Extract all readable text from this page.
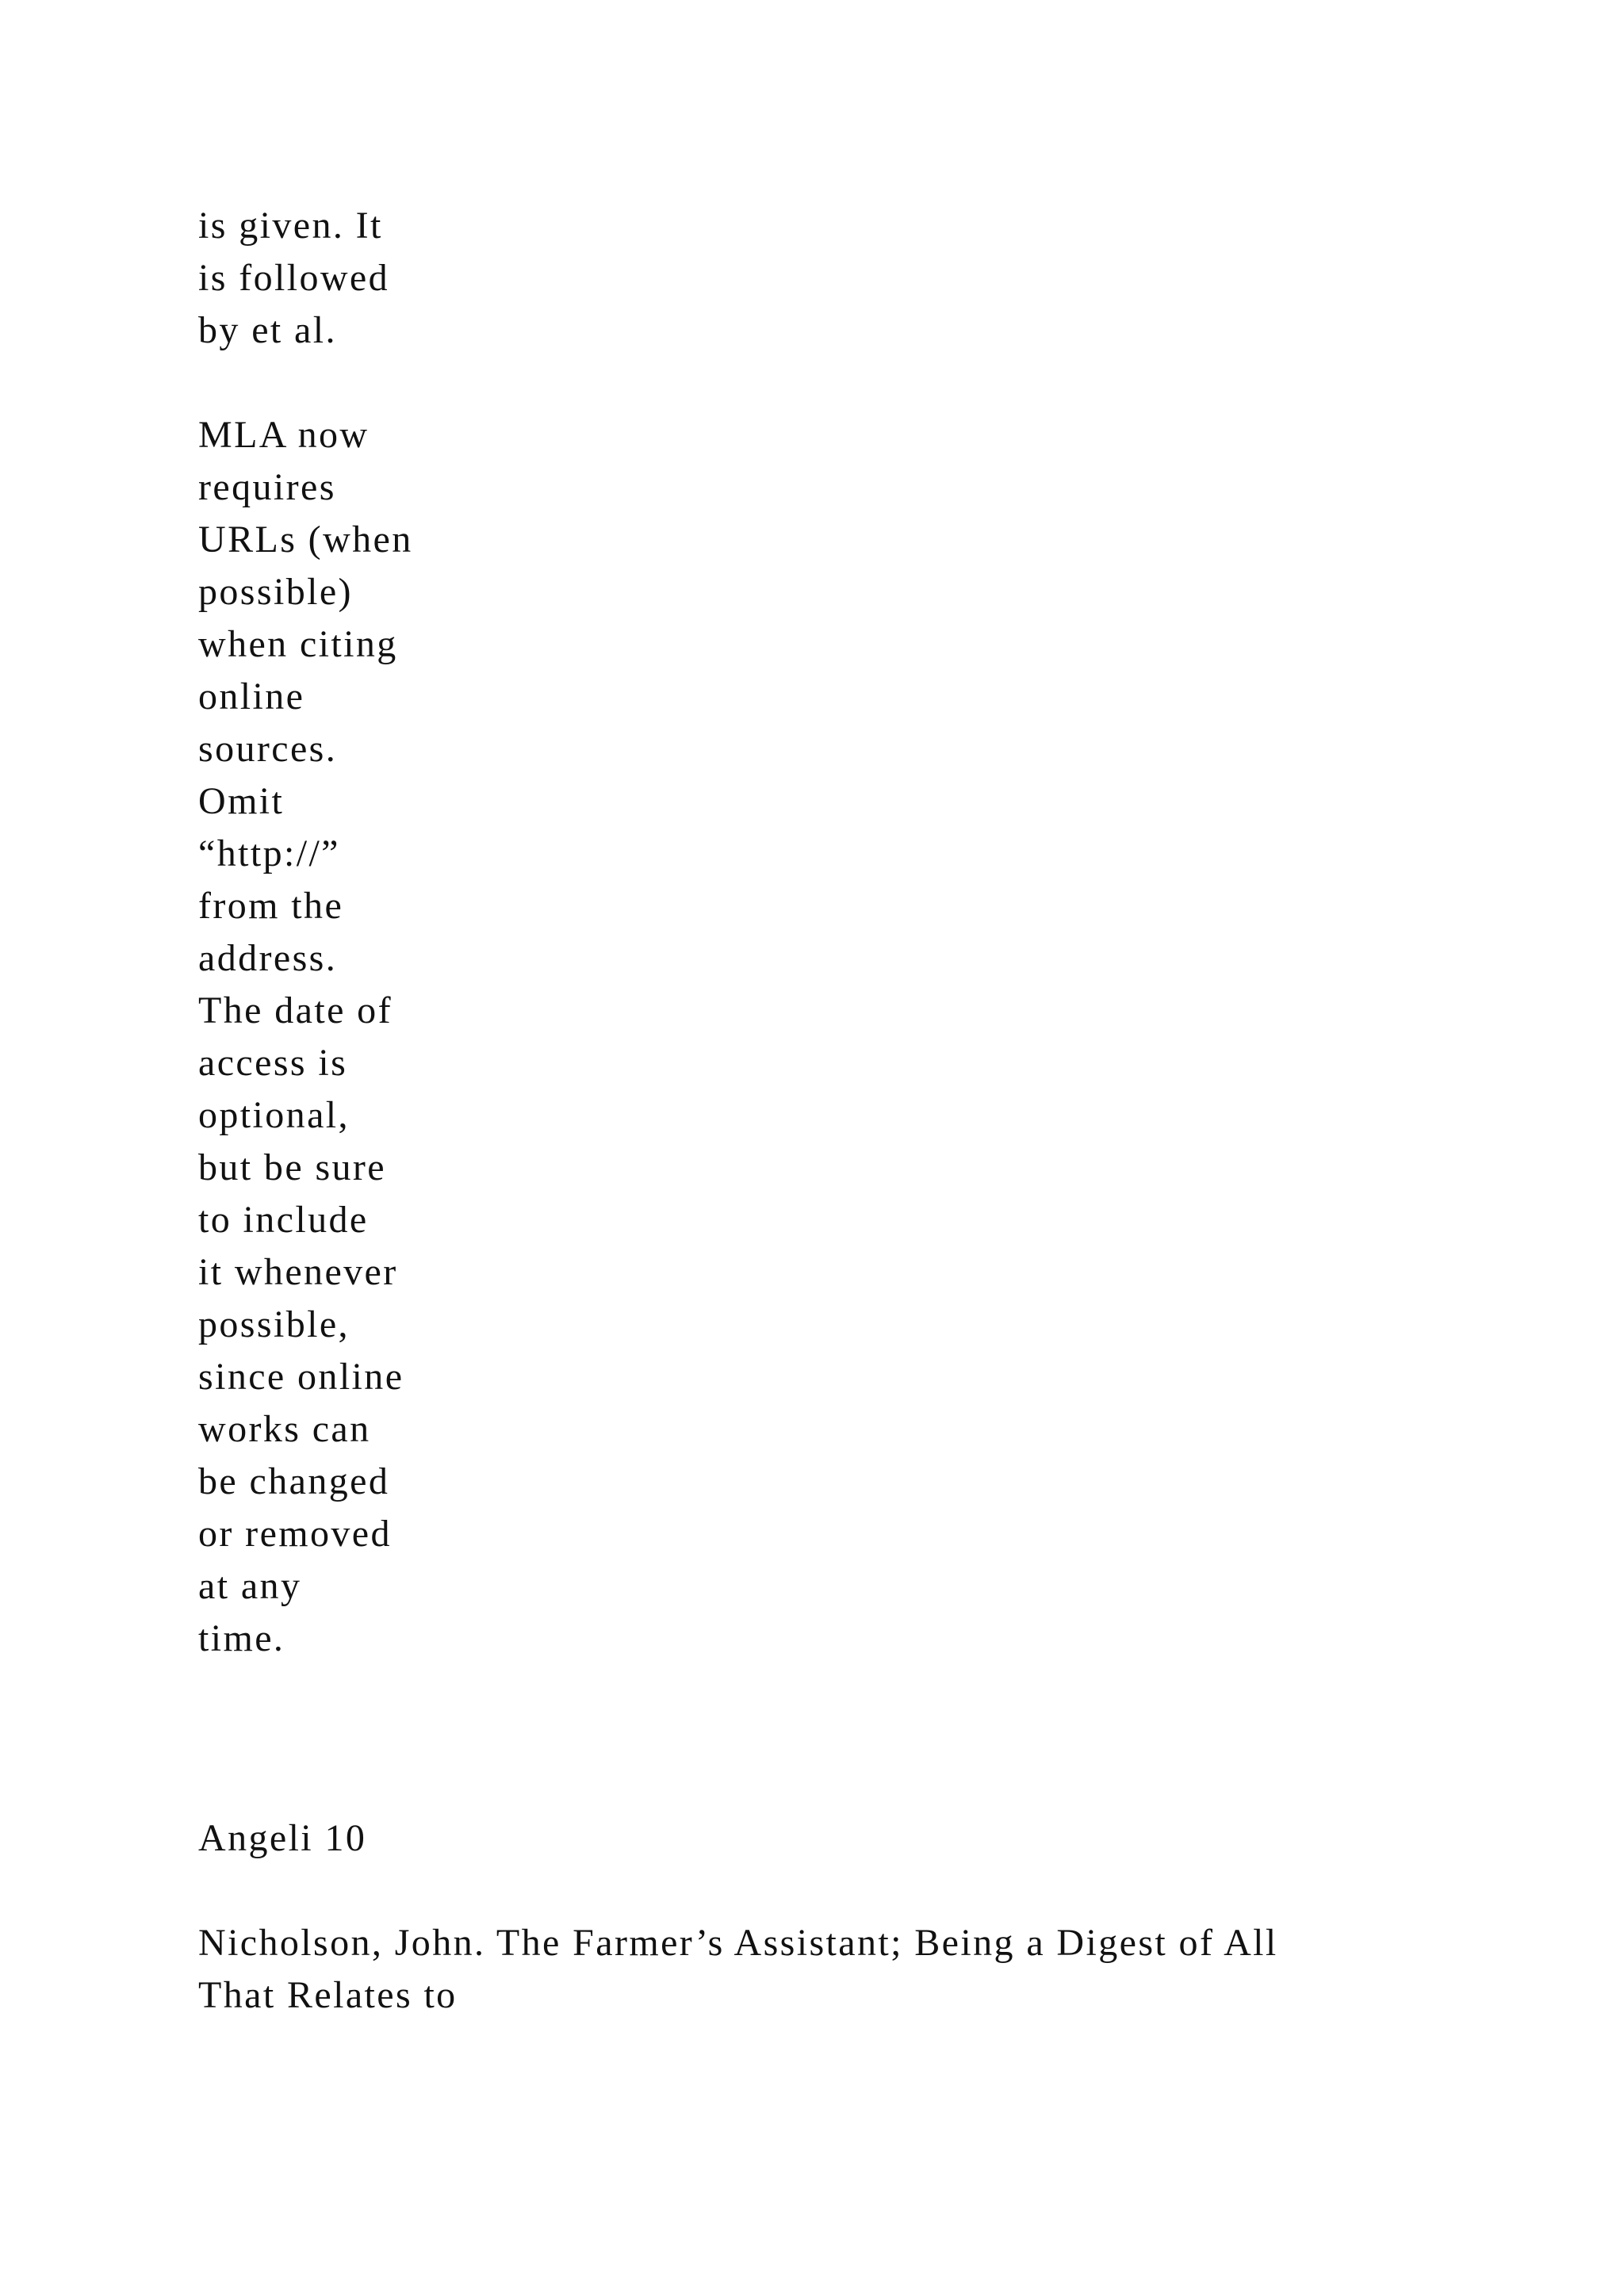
is given. It
is followed
by et al.
MLA now
requires
URLs (when
possible)
when citing
online
sources.
Omit
“http://”
from the
address.
The date of
access is
optional,
but be sure
to include
it whenever
possible,
since online
works can
be changed
or removed
at any
time.
Angeli 10
Nicholson, John. The Farmer’s Assistant; Being a Digest of All
That Relates to
